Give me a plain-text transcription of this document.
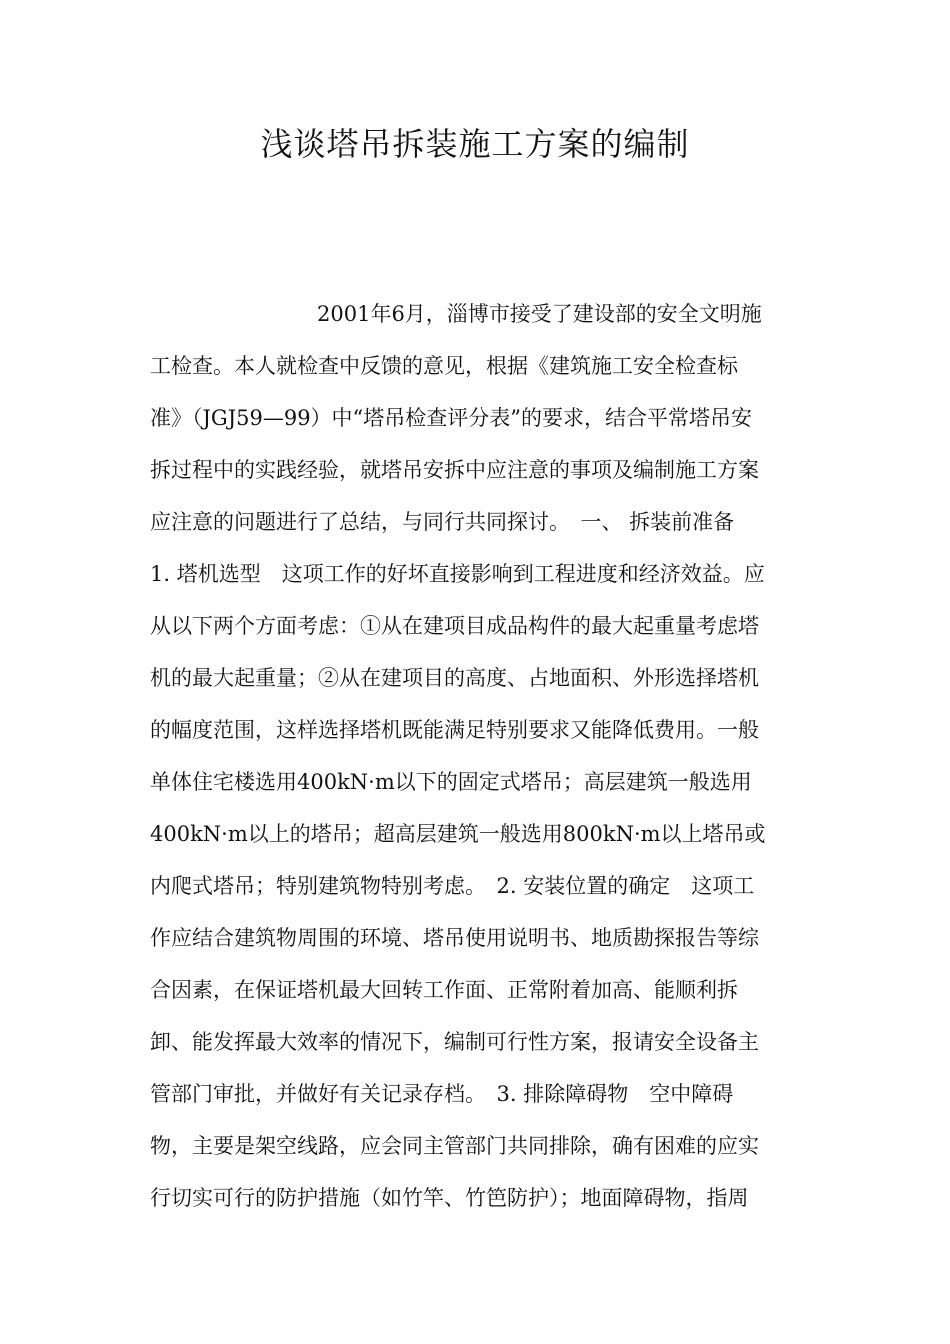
浅谈塔吊拆装施工方案的编制
2001年6月，淄博市接受了建设部的安全文明施
工检查。本人就检查中反馈的意见，根据《建筑施工安全检查标
准》（JGJ59—99）中“塔吊检查评分表”的要求，结合平常塔吊安
拆过程中的实践经验，就塔吊安拆中应注意的事项及编制施工方案
应注意的问题进行了总结，与同行共同探讨。　一、 拆装前准备
1. 塔机选型　这项工作的好坏直接影响到工程进度和经济效益。应
从以下两个方面考虑：①从在建项目成品构件的最大起重量考虑塔
机的最大起重量；②从在建项目的高度、占地面积、外形选择塔机
的幅度范围，这样选择塔机既能满足特别要求又能降低费用。一般
单体住宅楼选用400kN·m以下的固定式塔吊；高层建筑一般选用
400kN·m以上的塔吊；超高层建筑一般选用800kN·m以上塔吊或
内爬式塔吊；特别建筑物特别考虑。　2. 安装位置的确定　这项工
作应结合建筑物周围的环境、塔吊使用说明书、地质勘探报告等综
合因素，在保证塔机最大回转工作面、正常附着加高、能顺利拆
卸、能发挥最大效率的情况下，编制可行性方案，报请安全设备主
管部门审批，并做好有关记录存档。　3. 排除障碍物　空中障碍
物，主要是架空线路，应会同主管部门共同排除，确有困难的应实
行切实可行的防护措施（如竹竿、竹笆防护）；地面障碍物，指周
